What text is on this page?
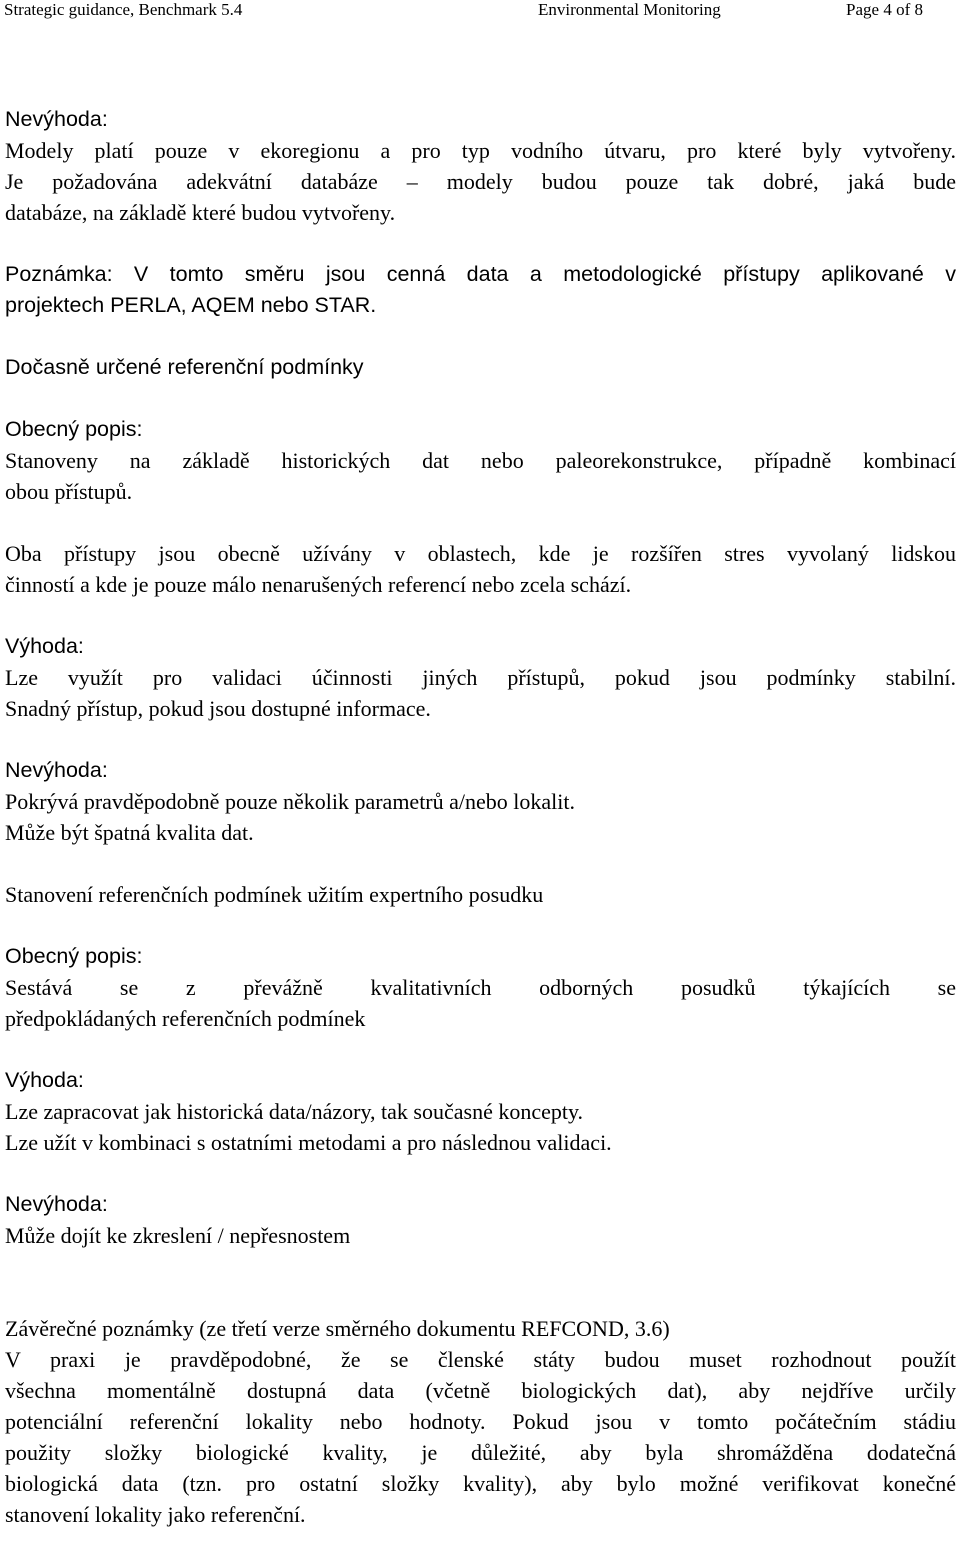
Strategic guidance, Benchmark 5.4	Environmental Monitoring	Page 4 of 8

Nevýhoda:

Modely platí pouze v ekoregionu a pro typ vodního útvaru, pro které byly vytvořeny.

Je požadována adekvátní databáze – modely budou pouze tak dobré, jaká bude

databáze, na základě které budou vytvořeny.

Poznámka: V tomto směru jsou cenná data a metodologické přístupy aplikované v

projektech PERLA, AQEM nebo STAR.

Dočasně určené referenční podmínky

Obecný popis:

Stanoveny na základě historických dat nebo paleorekonstrukce, případně kombinací

obou přístupů.

Oba přístupy jsou obecně užívány v oblastech, kde je rozšířen stres vyvolaný lidskou

činností a kde je pouze málo nenarušených referencí nebo zcela schází.

Výhoda:

Lze využít pro validaci účinnosti jiných přístupů, pokud jsou podmínky stabilní.

Snadný přístup, pokud jsou dostupné informace.

Nevýhoda:

Pokrývá pravděpodobně pouze několik parametrů a/nebo lokalit.

Může být špatná kvalita dat.

Stanovení referenčních podmínek užitím expertního posudku

Obecný popis:

Sestává se z převážně kvalitativních odborných posudků týkajících se

předpokládaných referenčních podmínek

Výhoda:

Lze zapracovat jak historická data/názory, tak současné koncepty.

Lze užít v kombinaci s ostatními metodami a pro následnou validaci.

Nevýhoda:

Může dojít ke zkreslení / nepřesnostem

Závěrečné poznámky (ze třetí verze směrného dokumentu REFCOND, 3.6)

V praxi je pravděpodobné, že se členské státy budou muset rozhodnout použít

všechna momentálně dostupná data (včetně biologických dat), aby nejdříve určily

potenciální referenční lokality nebo hodnoty. Pokud jsou v tomto počátečním stádiu

použity složky biologické kvality, je důležité, aby byla shromážděna dodatečná

biologická data (tzn. pro ostatní složky kvality), aby bylo možné verifikovat konečné

stanovení lokality jako referenční.
